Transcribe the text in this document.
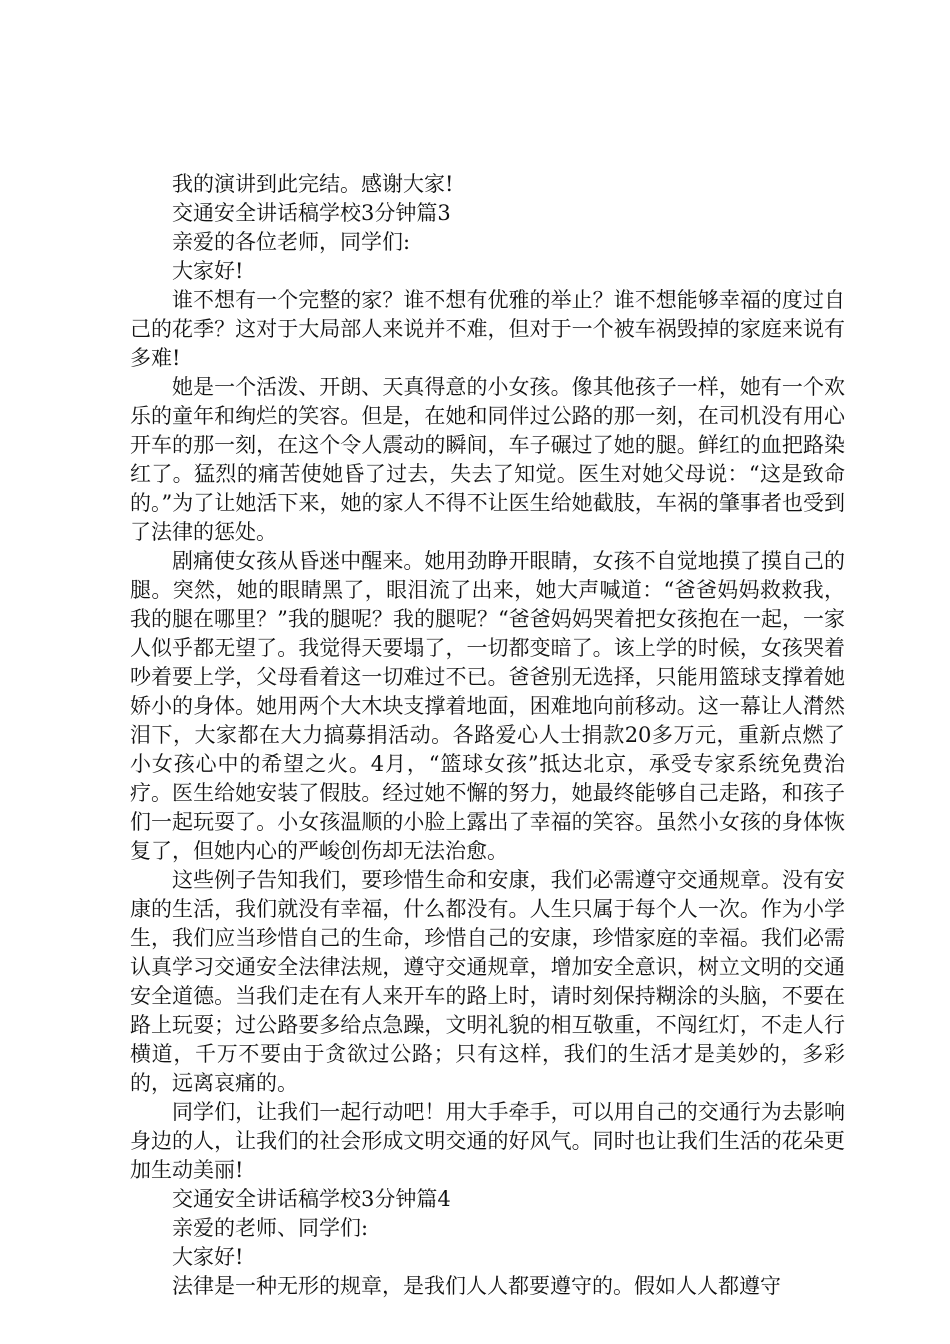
我的演讲到此完结。感谢大家!

交通安全讲话稿学校3分钟篇3

亲爱的各位老师，同学们:

大家好!

谁不想有一个完整的家？谁不想有优雅的举止？谁不想能够幸福的度过自己的花季？这对于大局部人来说并不难，但对于一个被车祸毁掉的家庭来说有多难!

她是一个活泼、开朗、天真得意的小女孩。像其他孩子一样，她有一个欢乐的童年和绚烂的笑容。但是，在她和同伴过公路的那一刻，在司机没有用心开车的那一刻，在这个令人震动的瞬间，车子碾过了她的腿。鲜红的血把路染红了。猛烈的痛苦使她昏了过去，失去了知觉。医生对她父母说：“这是致命的。”为了让她活下来，她的家人不得不让医生给她截肢，车祸的肇事者也受到了法律的惩处。

剧痛使女孩从昏迷中醒来。她用劲睁开眼睛，女孩不自觉地摸了摸自己的腿。突然，她的眼睛黑了，眼泪流了出来，她大声喊道：“爸爸妈妈救救我，我的腿在哪里？”我的腿呢？我的腿呢？“爸爸妈妈哭着把女孩抱在一起，一家人似乎都无望了。我觉得天要塌了，一切都变暗了。该上学的时候，女孩哭着吵着要上学，父母看着这一切难过不已。爸爸别无选择，只能用篮球支撑着她娇小的身体。她用两个大木块支撑着地面，困难地向前移动。这一幕让人潸然泪下，大家都在大力搞募捐活动。各路爱心人士捐款20多万元，重新点燃了小女孩心中的希望之火。4月，“篮球女孩”抵达北京，承受专家系统免费治疗。医生给她安装了假肢。经过她不懈的努力，她最终能够自己走路，和孩子们一起玩耍了。小女孩温顺的小脸上露出了幸福的笑容。虽然小女孩的身体恢复了，但她内心的严峻创伤却无法治愈。

这些例子告知我们，要珍惜生命和安康，我们必需遵守交通规章。没有安康的生活，我们就没有幸福，什么都没有。人生只属于每个人一次。作为小学生，我们应当珍惜自己的生命，珍惜自己的安康，珍惜家庭的幸福。我们必需认真学习交通安全法律法规，遵守交通规章，增加安全意识，树立文明的交通安全道德。当我们走在有人来开车的路上时，请时刻保持糊涂的头脑，不要在路上玩耍；过公路要多给点急躁，文明礼貌的相互敬重，不闯红灯，不走人行横道，千万不要由于贪欲过公路；只有这样，我们的生活才是美妙的，多彩的，远离哀痛的。

同学们，让我们一起行动吧！用大手牵手，可以用自己的交通行为去影响身边的人，让我们的社会形成文明交通的好风气。同时也让我们生活的花朵更加生动美丽!

交通安全讲话稿学校3分钟篇4

亲爱的老师、同学们:

大家好!

法律是一种无形的规章，是我们人人都要遵守的。假如人人都遵守
